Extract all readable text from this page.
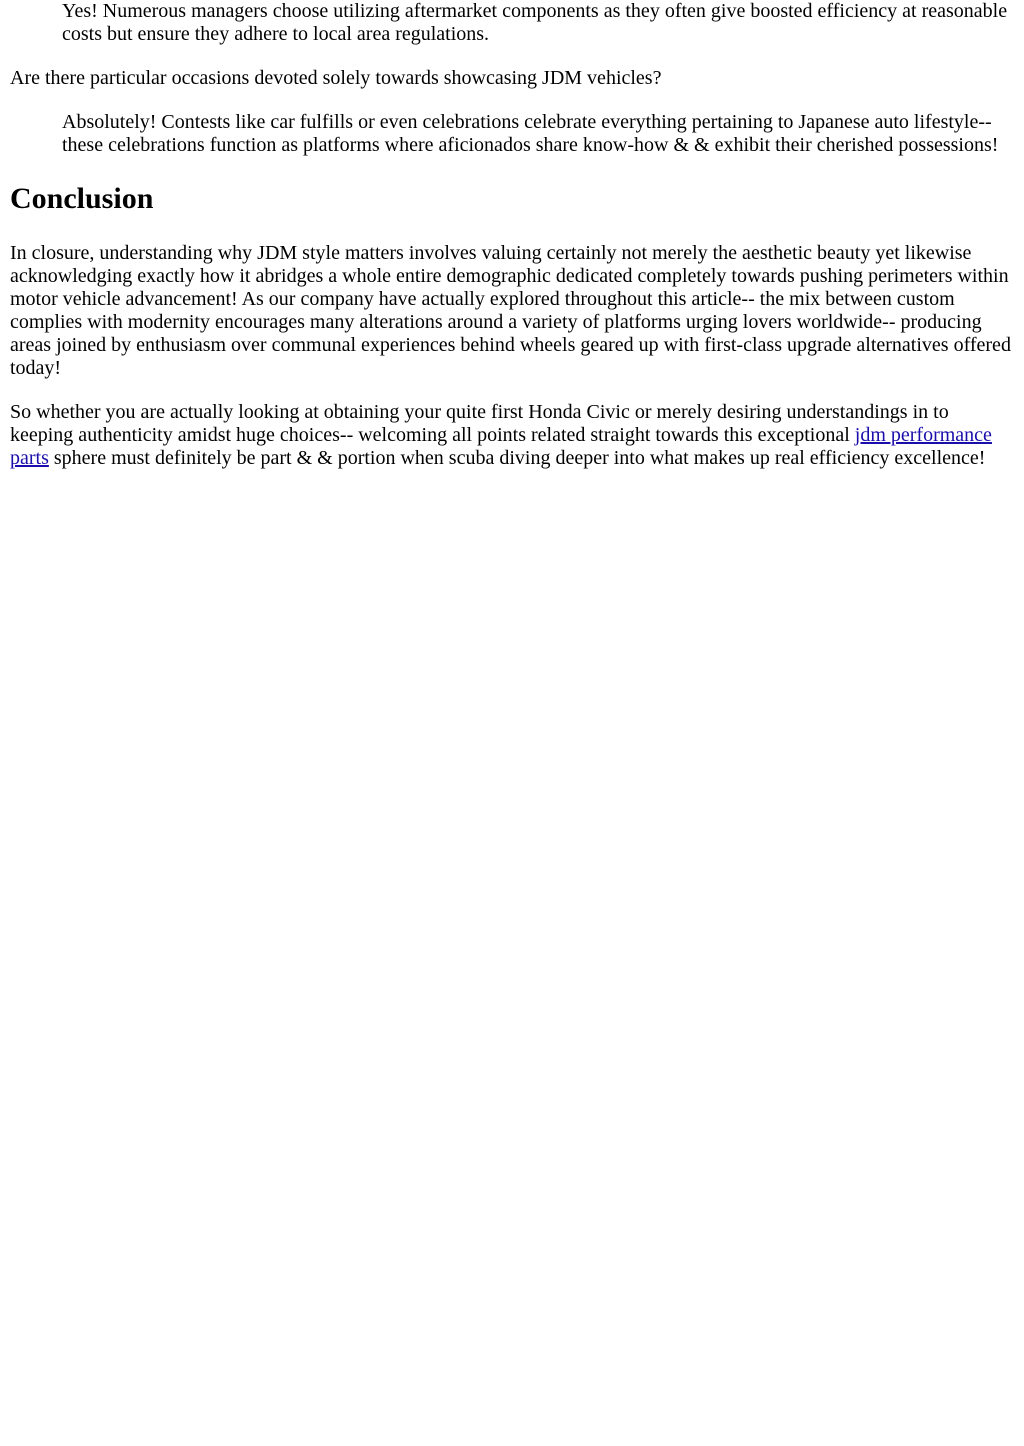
Yes! Numerous managers choose utilizing aftermarket components as they often give boosted efficiency at reasonable costs but ensure they adhere to local area regulations.

Are there particular occasions devoted solely towards showcasing JDM vehicles?

Absolutely! Contests like car fulfills or even celebrations celebrate everything pertaining to Japanese auto lifestyle-- these celebrations function as platforms where aficionados share know-how & & exhibit their cherished possessions!

Conclusion

In closure, understanding why JDM style matters involves valuing certainly not merely the aesthetic beauty yet likewise acknowledging exactly how it abridges a whole entire demographic dedicated completely towards pushing perimeters within motor vehicle advancement! As our company have actually explored throughout this article-- the mix between custom complies with modernity encourages many alterations around a variety of platforms urging lovers worldwide-- producing areas joined by enthusiasm over communal experiences behind wheels geared up with first-class upgrade alternatives offered today!

So whether you are actually looking at obtaining your quite first Honda Civic or merely desiring understandings in to keeping authenticity amidst huge choices-- welcoming all points related straight towards this exceptional jdm performance parts sphere must definitely be part & & portion when scuba diving deeper into what makes up real efficiency excellence!
